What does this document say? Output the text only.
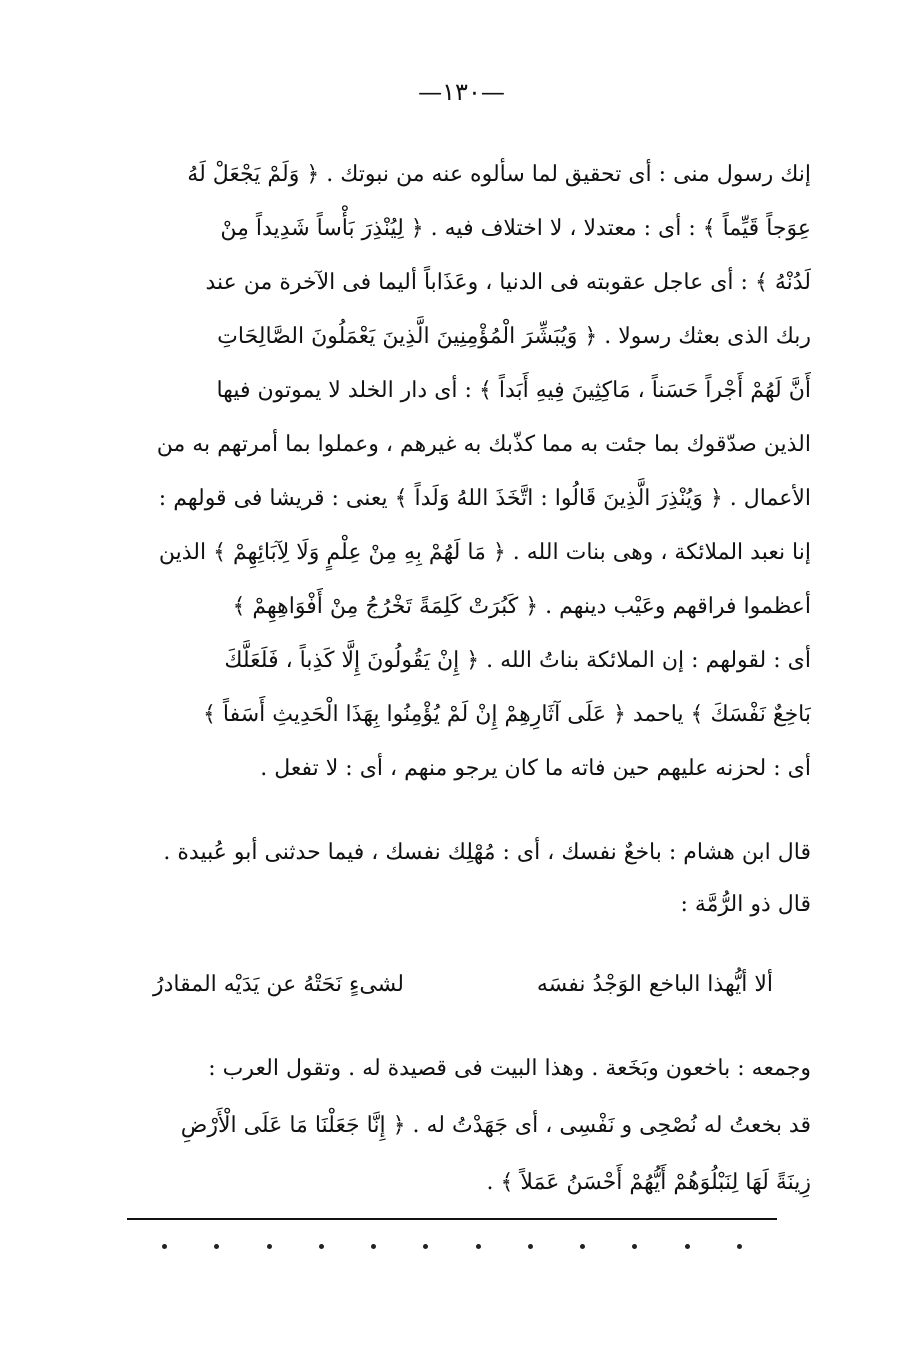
—١٣٠—
إنك رسول منى : أى تحقيق لما سألوه عنه من نبوتك . ﴿ وَلَمْ يَجْعَلْ لَهُ
عِوَجاً قَيِّماً ﴾ : أى : معتدلا ، لا اختلاف فيه . ﴿ لِيُنْذِرَ بَأْساً شَدِيداً مِنْ
لَدُنْهُ ﴾ : أى عاجل عقوبته فى الدنيا ، وعَذَاباً أليما فى الآخرة من عند
ربك الذى بعثك رسولا . ﴿ وَيُبَشِّرَ الْمُؤْمِنِينَ الَّذِينَ يَعْمَلُونَ الصَّالِحَاتِ
أَنَّ لَهُمْ أَجْراً حَسَناً ، مَاكِثِينَ فِيهِ أَبَداً ﴾ : أى دار الخلد لا يموتون فيها
الذين صدّقوك بما جئت به مما كذّبك به غيرهم ، وعملوا بما أمرتهم به من
الأعمال . ﴿ وَيُنْذِرَ الَّذِينَ قَالُوا : اتَّخَذَ اللهُ وَلَداً ﴾ يعنى : قريشا فى قولهم :
إنا نعبد الملائكة ، وهى بنات الله . ﴿ مَا لَهُمْ بِهِ مِنْ عِلْمٍ وَلَا لِآبَائِهِمْ ﴾ الذين
أعظموا فراقهم وعَيْب دينهم . ﴿ كَبُرَتْ كَلِمَةً تَخْرُجُ مِنْ أَفْوَاهِهِمْ ﴾
أى : لقولهم : إن الملائكة بناتُ الله . ﴿ إِنْ يَقُولُونَ إِلَّا كَذِباً ، فَلَعَلَّكَ
بَاخِعٌ نَفْسَكَ ﴾ ياحمد ﴿ عَلَى آثَارِهِمْ إِنْ لَمْ يُؤْمِنُوا بِهَذَا الْحَدِيثِ أَسَفاً ﴾
أى : لحزنه عليهم حين فاته ما كان يرجو منهم ، أى : لا تفعل .
قال ابن هشام : باخعٌ نفسك ، أى : مُهْلِك نفسك ، فيما حدثنى أبو عُبيدة .
قال ذو الرُّمَّة :
ألا أيُّهذا الباخع الوَجْدُ نفسَه
لشىءٍ نَحَتْهُ عن يَدَيْه المقادرُ
وجمعه : باخعون وبَخَعة . وهذا البيت فى قصيدة له . وتقول العرب :
قد بخعتُ له نُصْحِى و نَفْسِى ، أى جَهَدْتُ له . ﴿ إِنَّا جَعَلْنَا مَا عَلَى الْأَرْضِ
زِينَةً لَهَا لِنَبْلُوَهُمْ أَيُّهُمْ أَحْسَنُ عَمَلاً ﴾ .
